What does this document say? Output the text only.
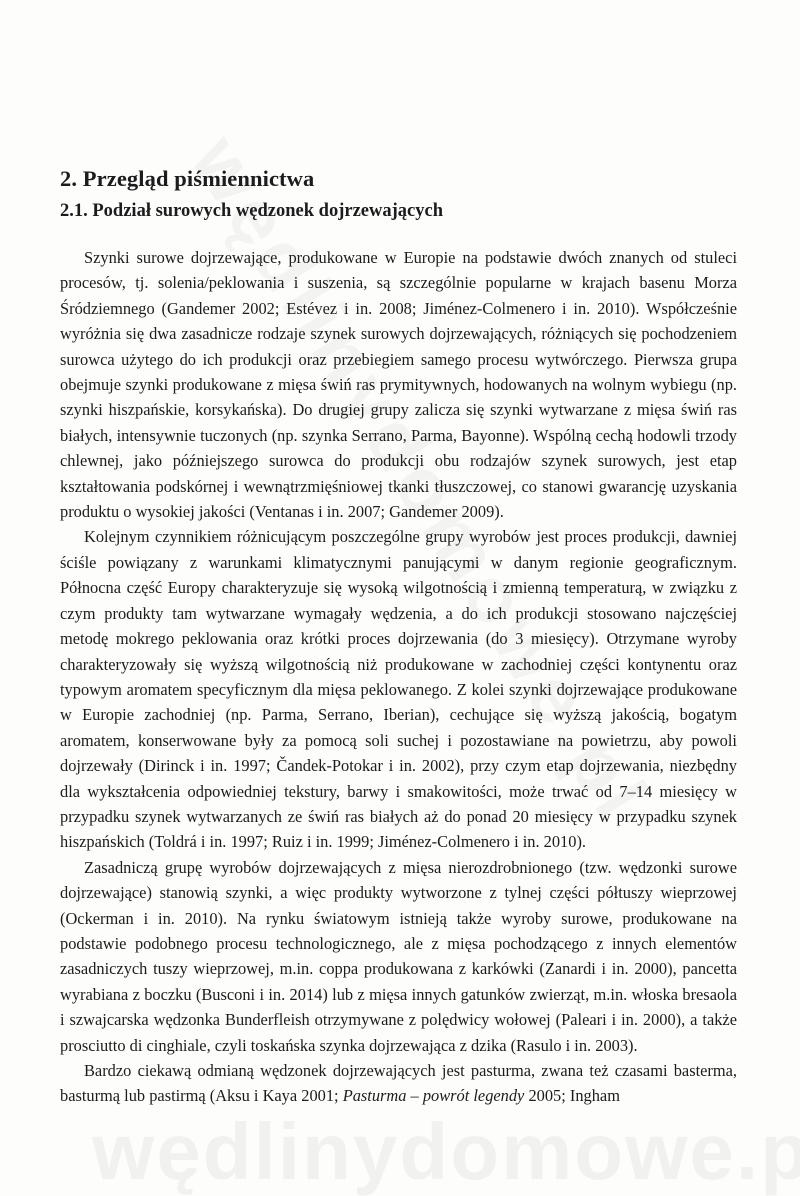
2. Przegląd piśmiennictwa
2.1. Podział surowych wędzonek dojrzewających

Szynki surowe dojrzewające, produkowane w Europie na podstawie dwóch znanych od stuleci procesów, tj. solenia/peklowania i suszenia, są szczególnie popularne w krajach basenu Morza Śródziemnego (Gandemer 2002; Estévez i in. 2008; Jiménez-Colmenero i in. 2010). Współcześnie wyróżnia się dwa zasadnicze rodzaje szynek surowych dojrzewających, różniących się pochodzeniem surowca użytego do ich produkcji oraz przebiegiem samego procesu wytwórczego. Pierwsza grupa obejmuje szynki produkowane z mięsa świń ras prymitywnych, hodowanych na wolnym wybiegu (np. szynki hiszpańskie, korsykańska). Do drugiej grupy zalicza się szynki wytwarzane z mięsa świń ras białych, intensywnie tuczonych (np. szynka Serrano, Parma, Bayonne). Wspólną cechą hodowli trzody chlewnej, jako późniejszego surowca do produkcji obu rodzajów szynek surowych, jest etap kształtowania podskórnej i wewnątrzmięśniowej tkanki tłuszczowej, co stanowi gwarancję uzyskania produktu o wysokiej jakości (Ventanas i in. 2007; Gandemer 2009).

Kolejnym czynnikiem różnicującym poszczególne grupy wyrobów jest proces produkcji, dawniej ściśle powiązany z warunkami klimatycznymi panującymi w danym regionie geograficznym. Północna część Europy charakteryzuje się wysoką wilgotnością i zmienną temperaturą, w związku z czym produkty tam wytwarzane wymagały wędzenia, a do ich produkcji stosowano najczęściej metodę mokrego peklowania oraz krótki proces dojrzewania (do 3 miesięcy). Otrzymane wyroby charakteryzowały się wyższą wilgotnością niż produkowane w zachodniej części kontynentu oraz typowym aromatem specyficznym dla mięsa peklowanego. Z kolei szynki dojrzewające produkowane w Europie zachodniej (np. Parma, Serrano, Iberian), cechujące się wyższą jakością, bogatym aromatem, konserwowane były za pomocą soli suchej i pozostawiane na powietrzu, aby powoli dojrzewały (Dirinck i in. 1997; Čandek-Potokar i in. 2002), przy czym etap dojrzewania, niezbędny dla wykształcenia odpowiedniej tekstury, barwy i smakowitości, może trwać od 7–14 miesięcy w przypadku szynek wytwarzanych ze świń ras białych aż do ponad 20 miesięcy w przypadku szynek hiszpańskich (Toldrá i in. 1997; Ruiz i in. 1999; Jiménez-Colmenero i in. 2010).

Zasadniczą grupę wyrobów dojrzewających z mięsa nierozdrobnionego (tzw. wędzonki surowe dojrzewające) stanowią szynki, a więc produkty wytworzone z tylnej części półtuszy wieprzowej (Ockerman i in. 2010). Na rynku światowym istnieją także wyroby surowe, produkowane na podstawie podobnego procesu technologicznego, ale z mięsa pochodzącego z innych elementów zasadniczych tuszy wieprzowej, m.in. coppa produkowana z karkówki (Zanardi i in. 2000), pancetta wyrabiana z boczku (Busconi i in. 2014) lub z mięsa innych gatunków zwierząt, m.in. włoska bresaola i szwajcarska wędzonka Bunderfleish otrzymywane z polędwicy wołowej (Paleari i in. 2000), a także prosciutto di cinghiale, czyli toskańska szynka dojrzewająca z dzika (Rasulo i in. 2003).

Bardzo ciekawą odmianą wędzonek dojrzewających jest pasturma, zwana też czasami basterma, basturmą lub pastirmą (Aksu i Kaya 2001; Pasturma – powrót legendy 2005; Ingham
